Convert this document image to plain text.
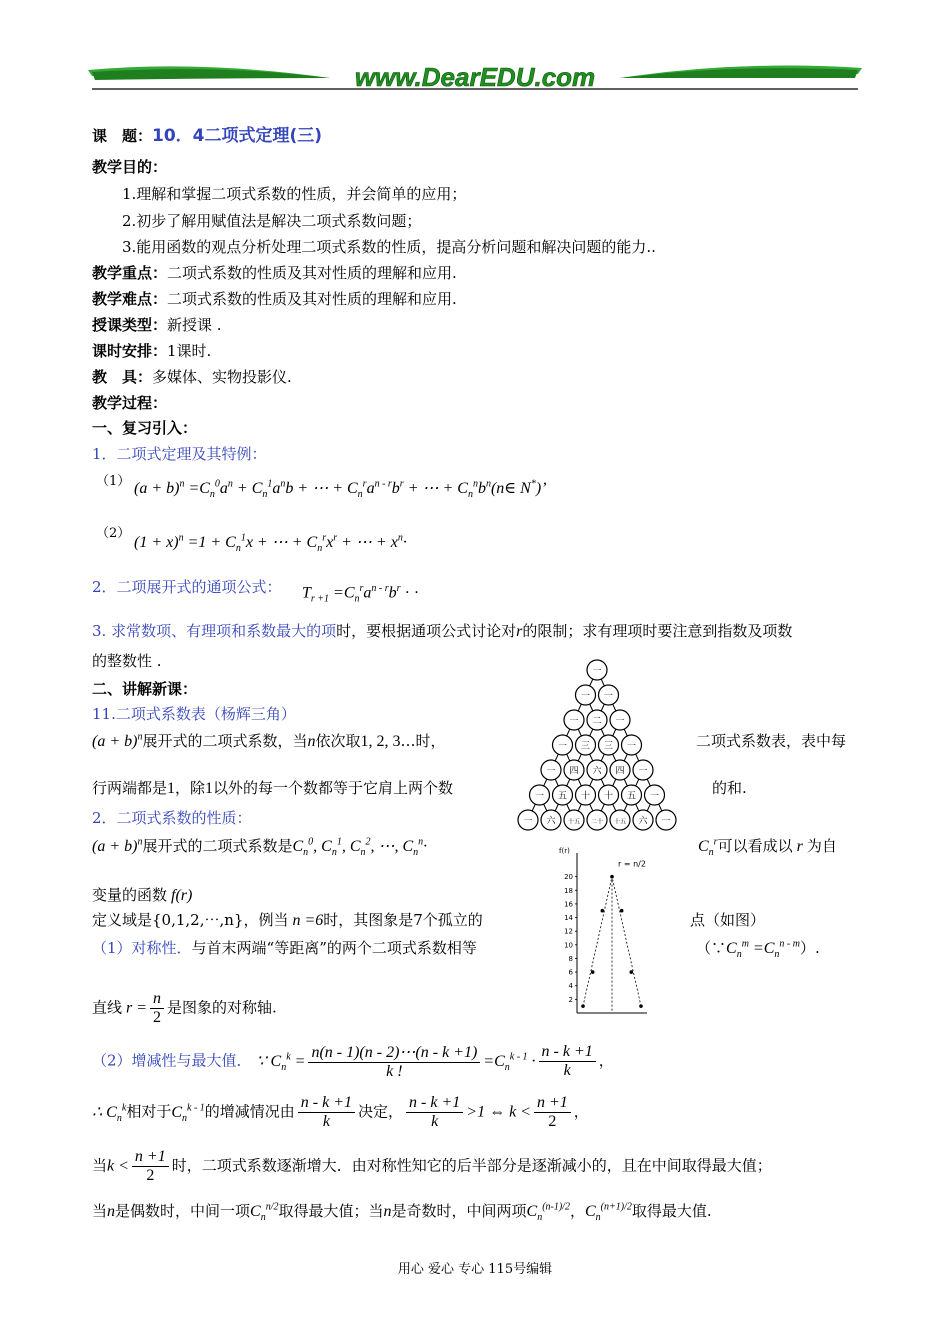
www.DearEDU.com
课　题：10．4二项式定理(三)
教学目的：
1.理解和掌握二项式系数的性质，并会简单的应用；
2.初步了解用赋值法是解决二项式系数问题；
3.能用函数的观点分析处理二项式系数的性质，提高分析问题和解决问题的能力..
教学重点：二项式系数的性质及其对性质的理解和应用.
教学难点：二项式系数的性质及其对性质的理解和应用.
授课类型：新授课 .
课时安排：1课时.
教　具：多媒体、实物投影仪.
教学过程：
一、复习引入：
1．二项式定理及其特例：
（1） $(a + b)^n =C_n^0a^n + C_n^1a^nb$ + ⋯ + $C_n^ra^{n - r}b^r$ + ⋯ + $C_n^nb^n(n\in$ N*)’
（2）
$(1 + x)^n =1 + C_n^1x$ + ⋯ + $C_n^rx^r$ + ⋯ + $x^n\cdot$
2．二项展开式的通项公式： $T_{r +1} =C_n^ra^{n - r}b^r$ · ·
3. 求常数项、有理项和系数最大的项时，要根据通项公式讨论对r的限制；求有理项时要注意到指数及项数
的整数性 .
二、讲解新课：
11.二项式系数表（杨辉三角）
$(a + b)^n$展开式的二项式系数，当n依次取1, 2, 3…时，	二项式系数表，表中每
行两端都是1，除1以外的每一个数都等于它肩上两个数	的和.
一
一 一
一 二 一
一 三 三 一
一 四 六 四 一
一 五 十 十 五 一
一 六 十五 二十 十五 六 一
2．二项式系数的性质：
$(a + b)^n$展开式的二项式系数是$C_n^0$, $C_n^1$, $C_n^2$, ⋯, $C_n^n\cdot$	$C_n^r$可以看成以 r 为自
变量的函数 f(r)
定义域是{0,1,2,⋯,n}，例当 n =6时，其图象是7个孤立的	点（如图）
f(r)
2
4
6
8
10
12
14
16
18
20
r = n/2
（1）对称性．与首末两端“等距离”的两个二项式系数相等	$(\because C_n^m =C_n^{n - m})$.
直线 $r = \frac{n}{2}$ 是图象的对称轴.
（2）增减性与最大值． ∵ $C_n^k = \frac{n(n - 1)(n - 2)\cdots(n - k +1)}{k !} =C_n^{k - 1} \cdot \frac{n - k +1}{k}$ ，
∴ $C_n^k$相对于$C_n^{k - 1}$的增减情况由 $\frac{n - k +1}{k}$ 决定， $\frac{n - k +1}{k} >1$ ⇔ $k < \frac{n +1}{2}$ ，
当$k < \frac{n +1}{2}$ 时，二项式系数逐渐增大．由对称性知它的后半部分是逐渐减小的，且在中间取得最大值；
当n是偶数时，中间一项$C_n^{n/2}$取得最大值；当n是奇数时，中间两项$C_n^{(n-1)/2}$，$C_n^{(n+1)/2}$取得最大值.
用心 爱心 专心 115号编辑
